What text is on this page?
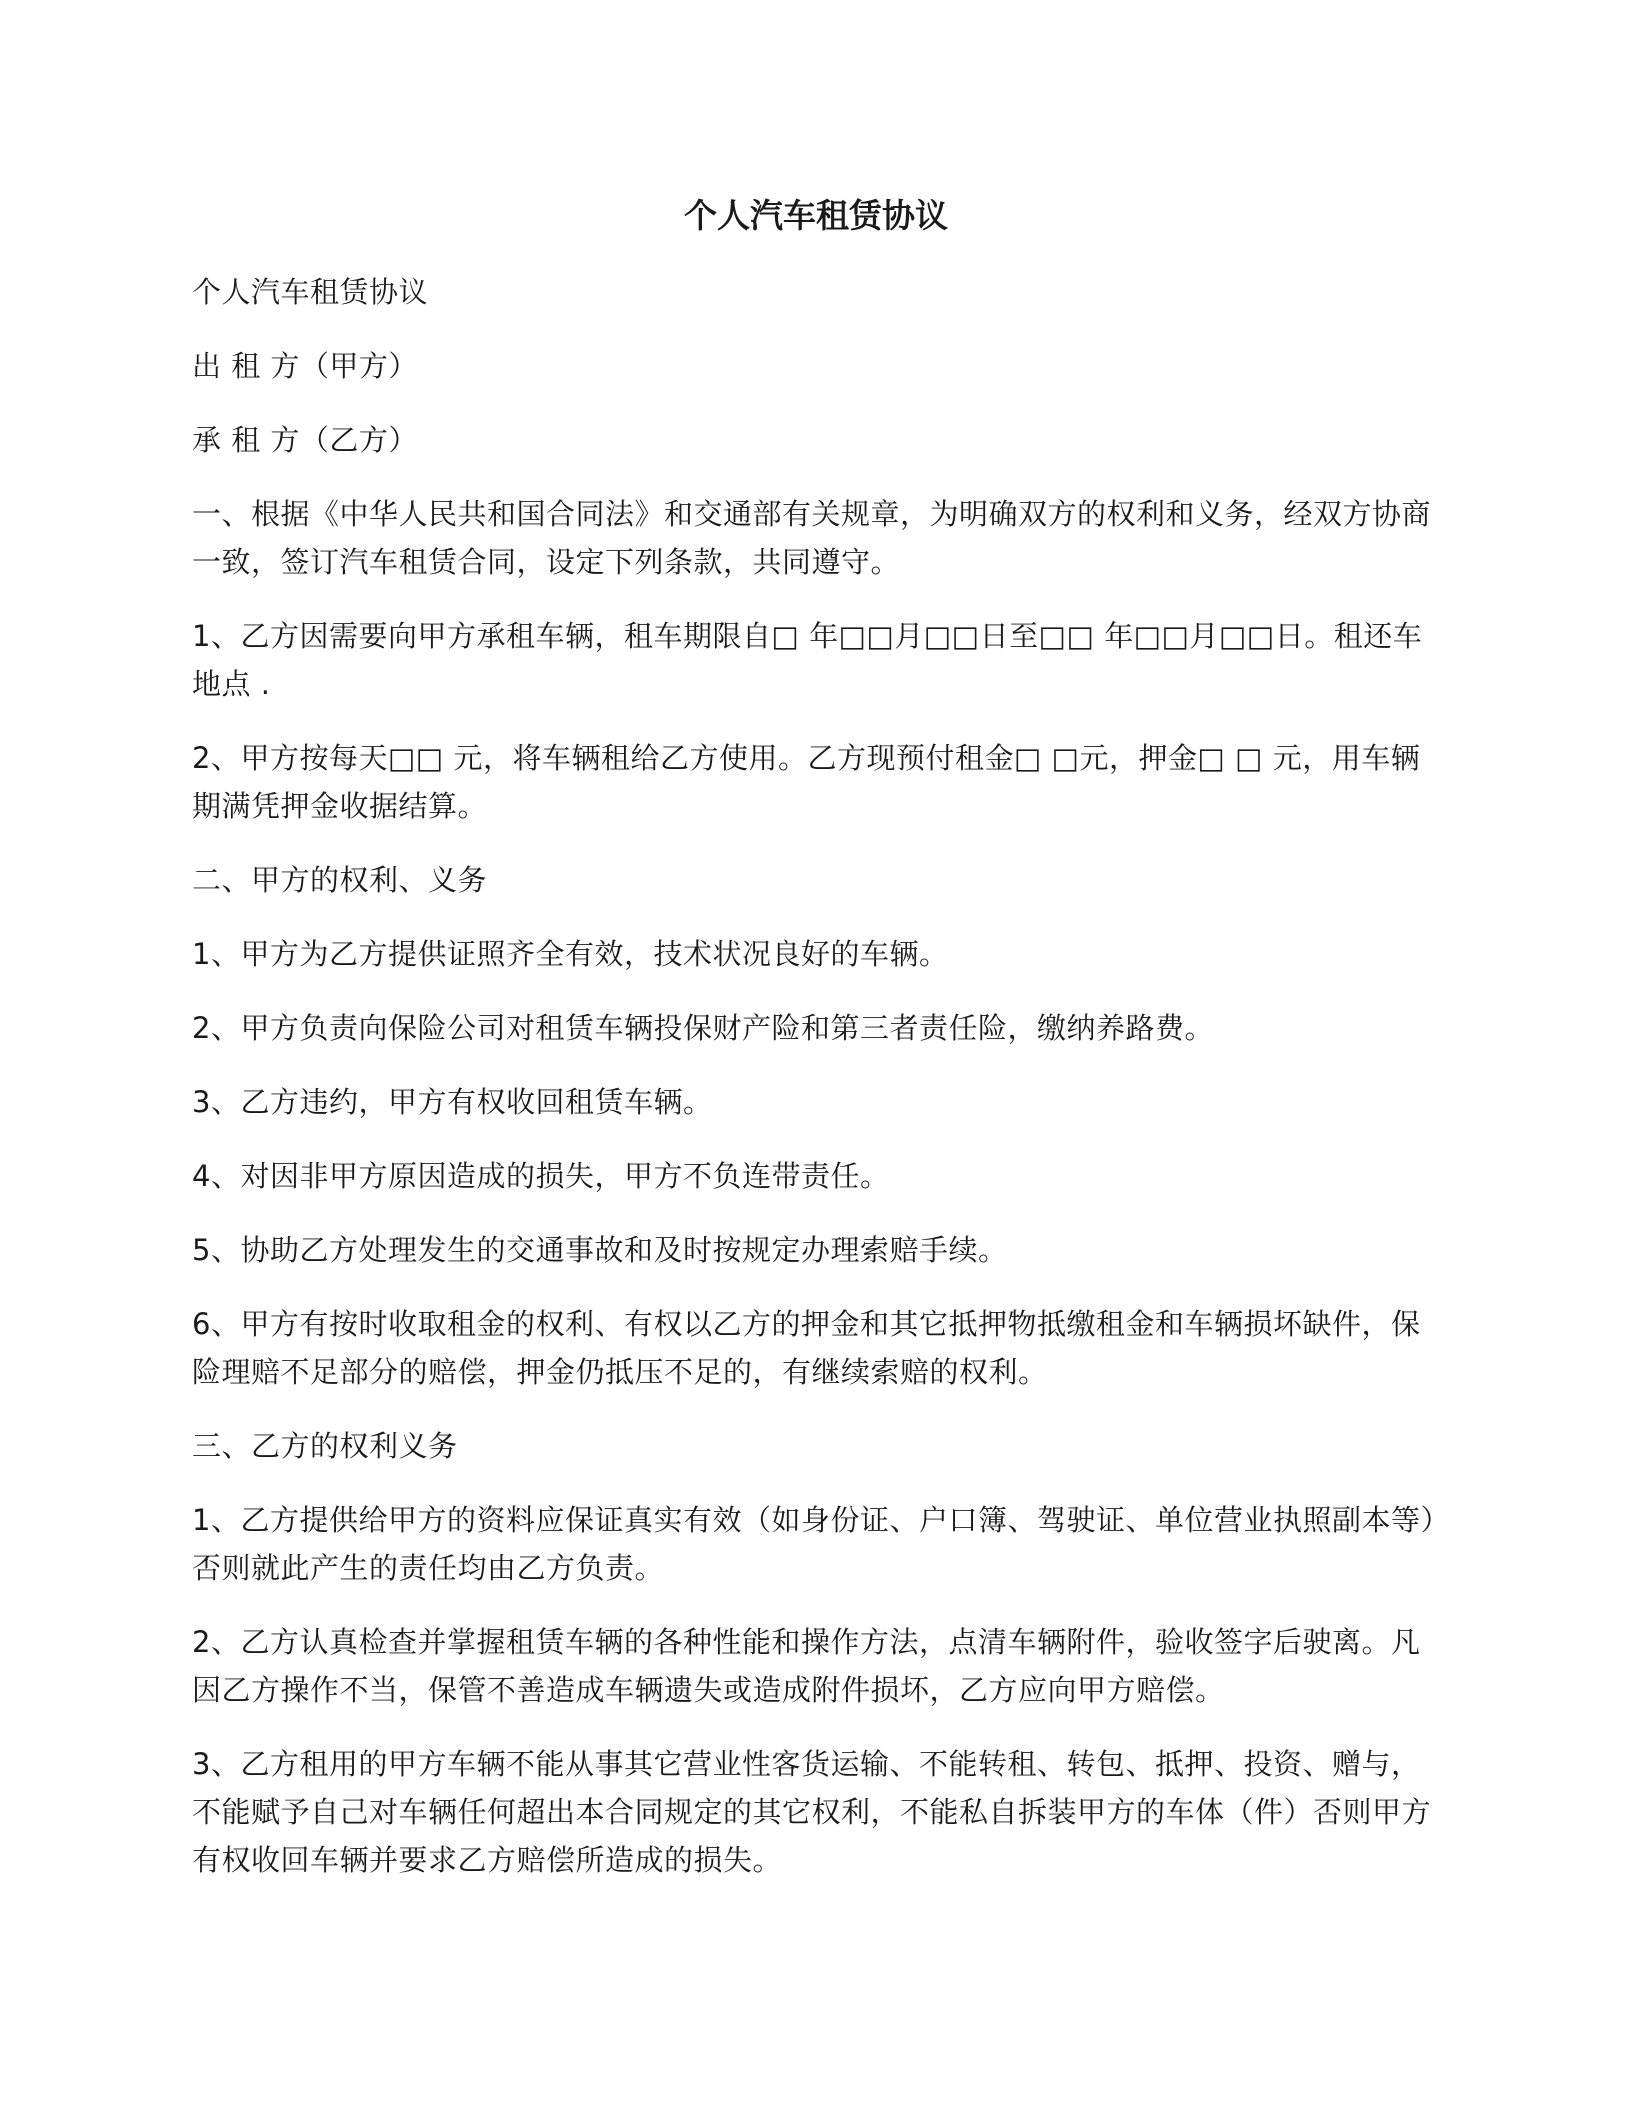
个人汽车租赁协议

个人汽车租赁协议

出 租 方（甲方）

承 租 方（乙方）

一、根据《中华人民共和国合同法》和交通部有关规章，为明确双方的权利和义务，经双方协商一致，签订汽车租赁合同，设定下列条款，共同遵守。

1、乙方因需要向甲方承租车辆，租车期限自□ 年□□月□□日至□□ 年□□月□□日。租还车地点 .

2、甲方按每天□□ 元，将车辆租给乙方使用。乙方现预付租金□ □元，押金□ □ 元，用车辆期满凭押金收据结算。

二、甲方的权利、义务

1、甲方为乙方提供证照齐全有效，技术状况良好的车辆。

2、甲方负责向保险公司对租赁车辆投保财产险和第三者责任险，缴纳养路费。

3、乙方违约，甲方有权收回租赁车辆。

4、对因非甲方原因造成的损失，甲方不负连带责任。

5、协助乙方处理发生的交通事故和及时按规定办理索赔手续。

6、甲方有按时收取租金的权利、有权以乙方的押金和其它抵押物抵缴租金和车辆损坏缺件，保险理赔不足部分的赔偿，押金仍抵压不足的，有继续索赔的权利。

三、乙方的权利义务

1、乙方提供给甲方的资料应保证真实有效（如身份证、户口簿、驾驶证、单位营业执照副本等）否则就此产生的责任均由乙方负责。

2、乙方认真检查并掌握租赁车辆的各种性能和操作方法，点清车辆附件，验收签字后驶离。凡因乙方操作不当，保管不善造成车辆遗失或造成附件损坏，乙方应向甲方赔偿。

3、乙方租用的甲方车辆不能从事其它营业性客货运输、不能转租、转包、抵押、投资、赠与，不能赋予自己对车辆任何超出本合同规定的其它权利，不能私自拆装甲方的车体（件）否则甲方有权收回车辆并要求乙方赔偿所造成的损失。
